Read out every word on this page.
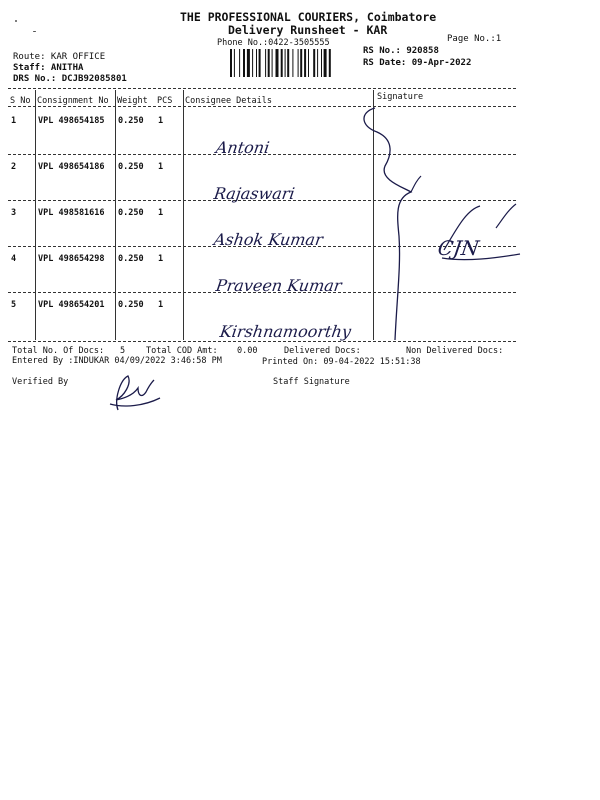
THE PROFESSIONAL COURIERS, Coimbatore
Delivery Runsheet - KAR
Phone No.:0422-3505555	Page No.:1
Route: KAR OFFICE
Staff: ANITHA
DRS No.: DCJB92085801
RS No.: 920858
RS Date: 09-Apr-2022
S No Consignment No Weight PCS Consignee Details	Signature
1	VPL 498654185 0.250 1
Antoni
2	VPL 498654186 0.250 1
Rajaswari
3	VPL 498581616 0.250 1
Ashok Kumar
4	VPL 498654298 0.250 1
Praveen Kumar
5	VPL 498654201 0.250 1
Kirshnamoorthy
CJN
Total No. Of Docs: 5 Total COD Amt: 0.00	Delivered Docs:	Non Delivered Docs:
Entered By :INDUKAR 04/09/2022 3:46:58 PM	Printed On: 09-04-2022 15:51:38
Verified By	Staff Signature
